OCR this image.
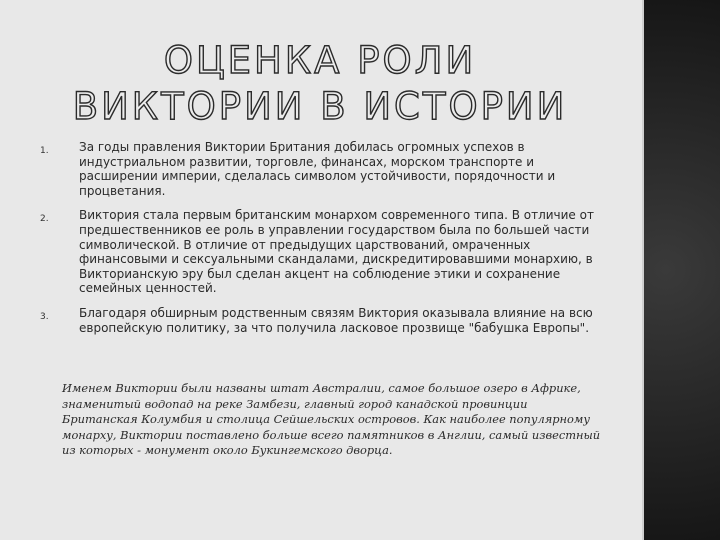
ОЦЕНКА РОЛИ ВИКТОРИИ В ИСТОРИИ
1.	За годы правления Виктории Британия добилась огромных успехов в индустриальном развитии, торговле, финансах, морском транспорте и расширении империи, сделалась символом устойчивости, порядочности и процветания.
2.	Виктория стала первым британским монархом современного типа. В отличие от предшественников ее роль в управлении государством была по большей части символической. В отличие от предыдущих царствований, омраченных финансовыми и сексуальными скандалами, дискредитировавшими монархию, в Викторианскую эру был сделан акцент на соблюдение этики и сохранение семейных ценностей.
3.	Благодаря обширным родственным связям Виктория оказывала влияние на всю европейскую политику, за что получила ласковое прозвище "бабушка Европы".

Именем Виктории были названы штат Австралии, самое большое озеро в Африке, знаменитый водопад на реке Замбези, главный город канадской провинции Британская Колумбия и столица Сейшельских островов. Как наиболее популярному монарху, Виктории поставлено больше всего памятников в Англии, самый известный из которых - монумент около Букингемского дворца.
